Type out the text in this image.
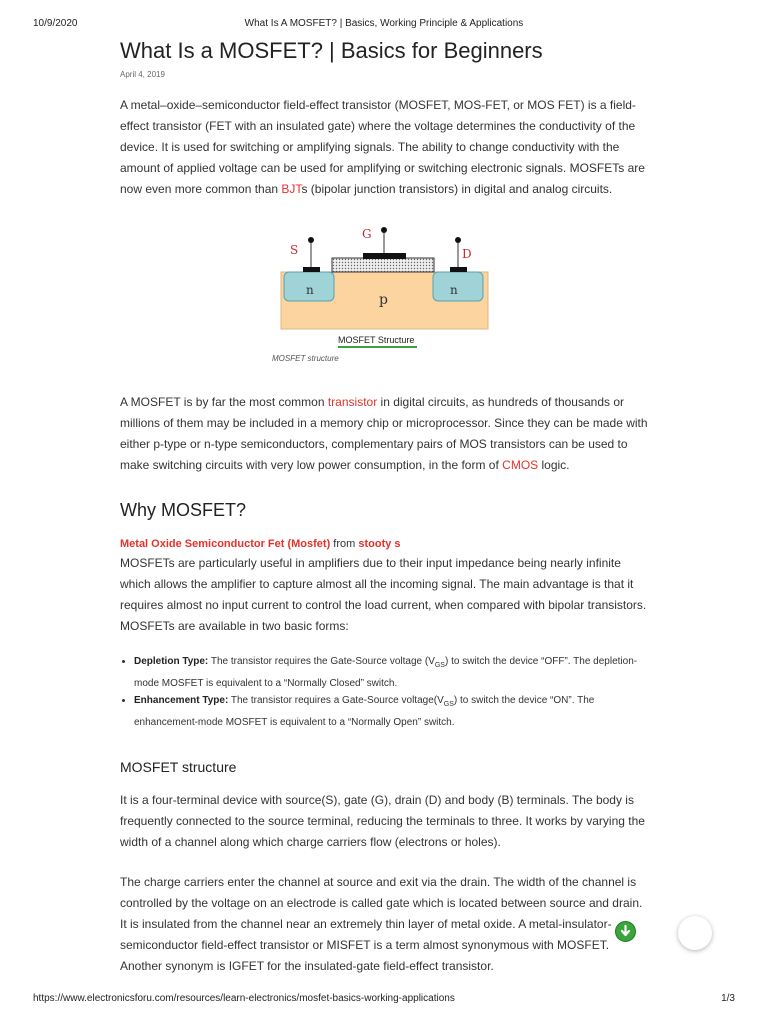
10/9/2020	What Is A MOSFET? | Basics, Working Principle & Applications
What Is a MOSFET? | Basics for Beginners
April 4, 2019

A metal–oxide–semiconductor field-effect transistor (MOSFET, MOS-FET, or MOS FET) is a field-effect transistor (FET with an insulated gate) where the voltage determines the conductivity of the device. It is used for switching or amplifying signals. The ability to change conductivity with the amount of applied voltage can be used for amplifying or switching electronic signals. MOSFETs are now even more common than BJTs (bipolar junction transistors) in digital and analog circuits.

S
G
D
n
p
n
MOSFET Structure
MOSFET structure

A MOSFET is by far the most common transistor in digital circuits, as hundreds of thousands or millions of them may be included in a memory chip or microprocessor. Since they can be made with either p-type or n-type semiconductors, complementary pairs of MOS transistors can be used to make switching circuits with very low power consumption, in the form of CMOS logic.

Why MOSFET?
Metal Oxide Semiconductor Fet (Mosfet) from stooty s

MOSFETs are particularly useful in amplifiers due to their input impedance being nearly infinite which allows the amplifier to capture almost all the incoming signal. The main advantage is that it requires almost no input current to control the load current, when compared with bipolar transistors. MOSFETs are available in two basic forms:

• Depletion Type: The transistor requires the Gate-Source voltage $(V_{GS})$ to switch the device “OFF”. The depletion-mode MOSFET is equivalent to a “Normally Closed” switch.
• Enhancement Type: The transistor requires a Gate-Source $voltage(V_{GS})$ to switch the device “ON”. The enhancement-mode MOSFET is equivalent to a “Normally Open” switch.
MOSFET structure

It is a four-terminal device with source(S), gate (G), drain (D) and body (B) terminals. The body is frequently connected to the source terminal, reducing the terminals to three. It works by varying the width of a channel along which charge carriers flow (electrons or holes).

The charge carriers enter the channel at source and exit via the drain. The width of the channel is controlled by the voltage on an electrode is called gate which is located between source and drain. It is insulated from the channel near an extremely thin layer of metal oxide. A metal-insulator-semiconductor field-effect transistor or MISFET is a term almost synonymous with MOSFET. Another synonym is IGFET for the insulated-gate field-effect transistor.

https://www.electronicsforu.com/resources/learn-electronics/mosfet-basics-working-applications	1/3
